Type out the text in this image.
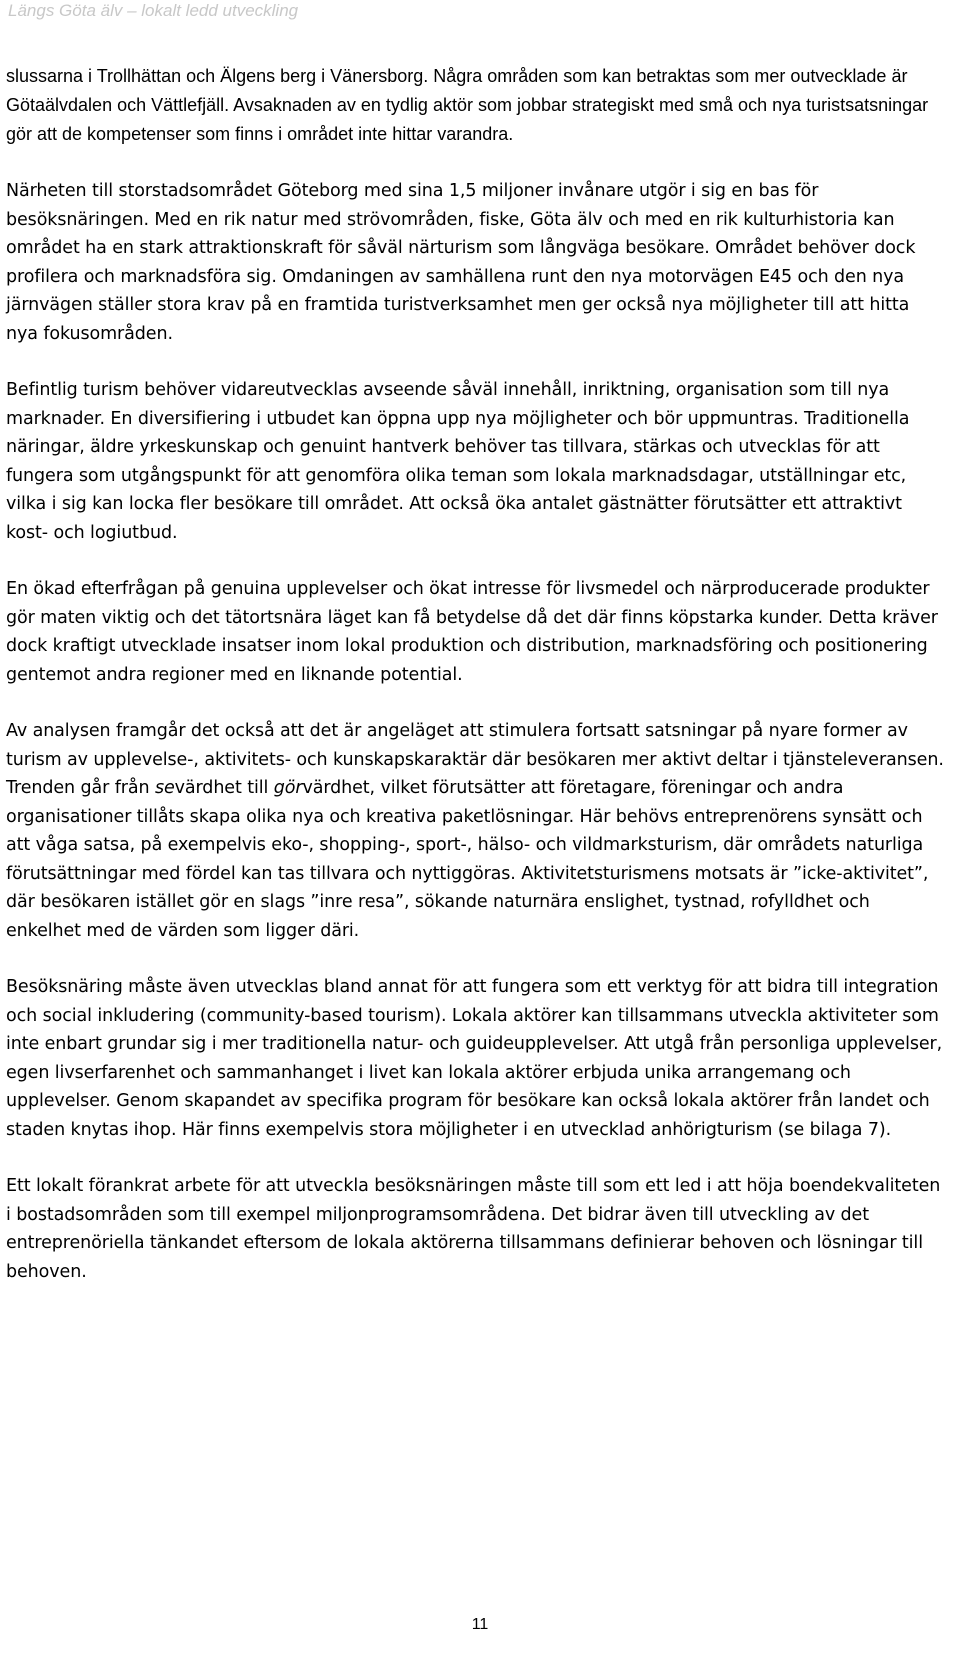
Längs Göta älv – lokalt ledd utveckling

slussarna i Trollhättan och Älgens berg i Vänersborg. Några områden som kan betraktas som mer outvecklade är Götaälvdalen och Vättlefjäll. Avsaknaden av en tydlig aktör som jobbar strategiskt med små och nya turistsatsningar gör att de kompetenser som finns i området inte hittar varandra.

Närheten till storstadsområdet Göteborg med sina 1,5 miljoner invånare utgör i sig en bas för besöksnäringen. Med en rik natur med strövområden, fiske, Göta älv och med en rik kulturhistoria kan området ha en stark attraktionskraft för såväl närturism som långväga besökare. Området behöver dock profilera och marknadsföra sig. Omdaningen av samhällena runt den nya motorvägen E45 och den nya järnvägen ställer stora krav på en framtida turistverksamhet men ger också nya möjligheter till att hitta nya fokusområden.

Befintlig turism behöver vidareutvecklas avseende såväl innehåll, inriktning, organisation som till nya marknader. En diversifiering i utbudet kan öppna upp nya möjligheter och bör uppmuntras. Traditionella näringar, äldre yrkeskunskap och genuint hantverk behöver tas tillvara, stärkas och utvecklas för att fungera som utgångspunkt för att genomföra olika teman som lokala marknadsdagar, utställningar etc, vilka i sig kan locka fler besökare till området. Att också öka antalet gästnätter förutsätter ett attraktivt kost- och logiutbud.

En ökad efterfrågan på genuina upplevelser och ökat intresse för livsmedel och närproducerade produkter gör maten viktig och det tätortsnära läget kan få betydelse då det där finns köpstarka kunder. Detta kräver dock kraftigt utvecklade insatser inom lokal produktion och distribution, marknadsföring och positionering gentemot andra regioner med en liknande potential.

Av analysen framgår det också att det är angeläget att stimulera fortsatt satsningar på nyare former av turism av upplevelse-, aktivitets- och kunskapskaraktär där besökaren mer aktivt deltar i tjänsteleveransen. Trenden går från sevärdhet till görvärdhet, vilket förutsätter att företagare, föreningar och andra organisationer tillåts skapa olika nya och kreativa paketlösningar. Här behövs entreprenörens synsätt och att våga satsa, på exempelvis eko-, shopping-, sport-, hälso- och vildmarksturism, där områdets naturliga förutsättningar med fördel kan tas tillvara och nyttiggöras. Aktivitetsturismens motsats är ”icke-aktivitet”, där besökaren istället gör en slags ”inre resa”, sökande naturnära enslighet, tystnad, rofylldhet och enkelhet med de värden som ligger däri.

Besöksnäring måste även utvecklas bland annat för att fungera som ett verktyg för att bidra till integration och social inkludering (community-based tourism). Lokala aktörer kan tillsammans utveckla aktiviteter som inte enbart grundar sig i mer traditionella natur- och guideupplevelser. Att utgå från personliga upplevelser, egen livserfarenhet och sammanhanget i livet kan lokala aktörer erbjuda unika arrangemang och upplevelser. Genom skapandet av specifika program för besökare kan också lokala aktörer från landet och staden knytas ihop. Här finns exempelvis stora möjligheter i en utvecklad anhörigturism (se bilaga 7).

Ett lokalt förankrat arbete för att utveckla besöksnäringen måste till som ett led i att höja boendekvaliteten i bostadsområden som till exempel miljonprogramsområdena. Det bidrar även till utveckling av det entreprenöriella tänkandet eftersom de lokala aktörerna tillsammans definierar behoven och lösningar till behoven.

11
